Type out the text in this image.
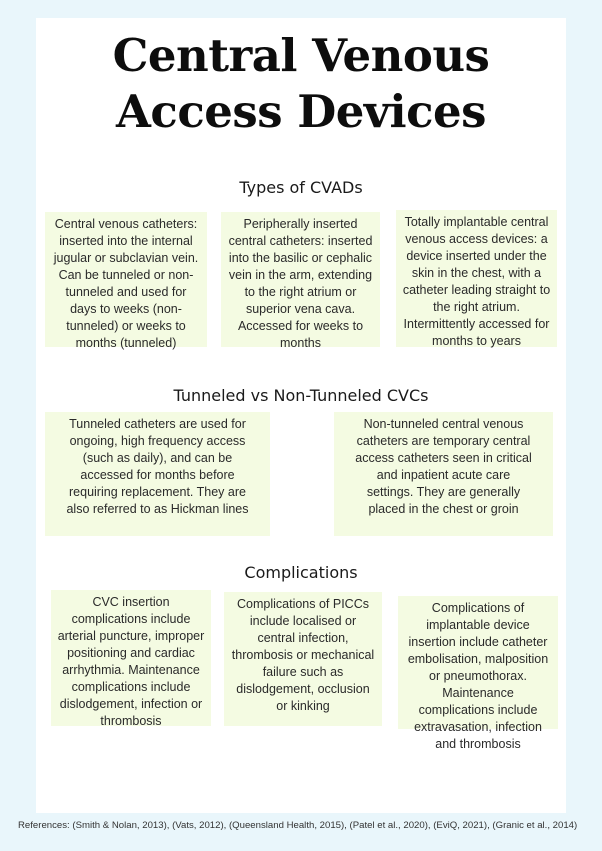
Central Venous Access Devices
Types of CVADs
Central venous catheters: inserted into the internal jugular or subclavian vein. Can be tunneled or non-tunneled and used for days to weeks (non-tunneled) or weeks to months (tunneled)
Peripherally inserted central catheters: inserted into the basilic or cephalic vein in the arm, extending to the right atrium or superior vena cava. Accessed for weeks to months
Totally implantable central venous access devices: a device inserted under the skin in the chest, with a catheter leading straight to the right atrium. Intermittently accessed for months to years
Tunneled vs Non-Tunneled CVCs
Tunneled catheters are used for ongoing, high frequency access (such as daily), and can be accessed for months before requiring replacement. They are also referred to as Hickman lines
Non-tunneled central venous catheters are temporary central access catheters seen in critical and inpatient acute care settings. They are generally placed in the chest or groin
Complications
CVC insertion complications include arterial puncture, improper positioning and cardiac arrhythmia. Maintenance complications include dislodgement, infection or thrombosis
Complications of PICCs include localised or central infection, thrombosis or mechanical failure such as dislodgement, occlusion or kinking
Complications of implantable device insertion include catheter embolisation, malposition or pneumothorax. Maintenance complications include extravasation, infection and thrombosis
References: (Smith & Nolan, 2013), (Vats, 2012), (Queensland Health, 2015), (Patel et al., 2020), (EviQ, 2021), (Granic et al., 2014)
